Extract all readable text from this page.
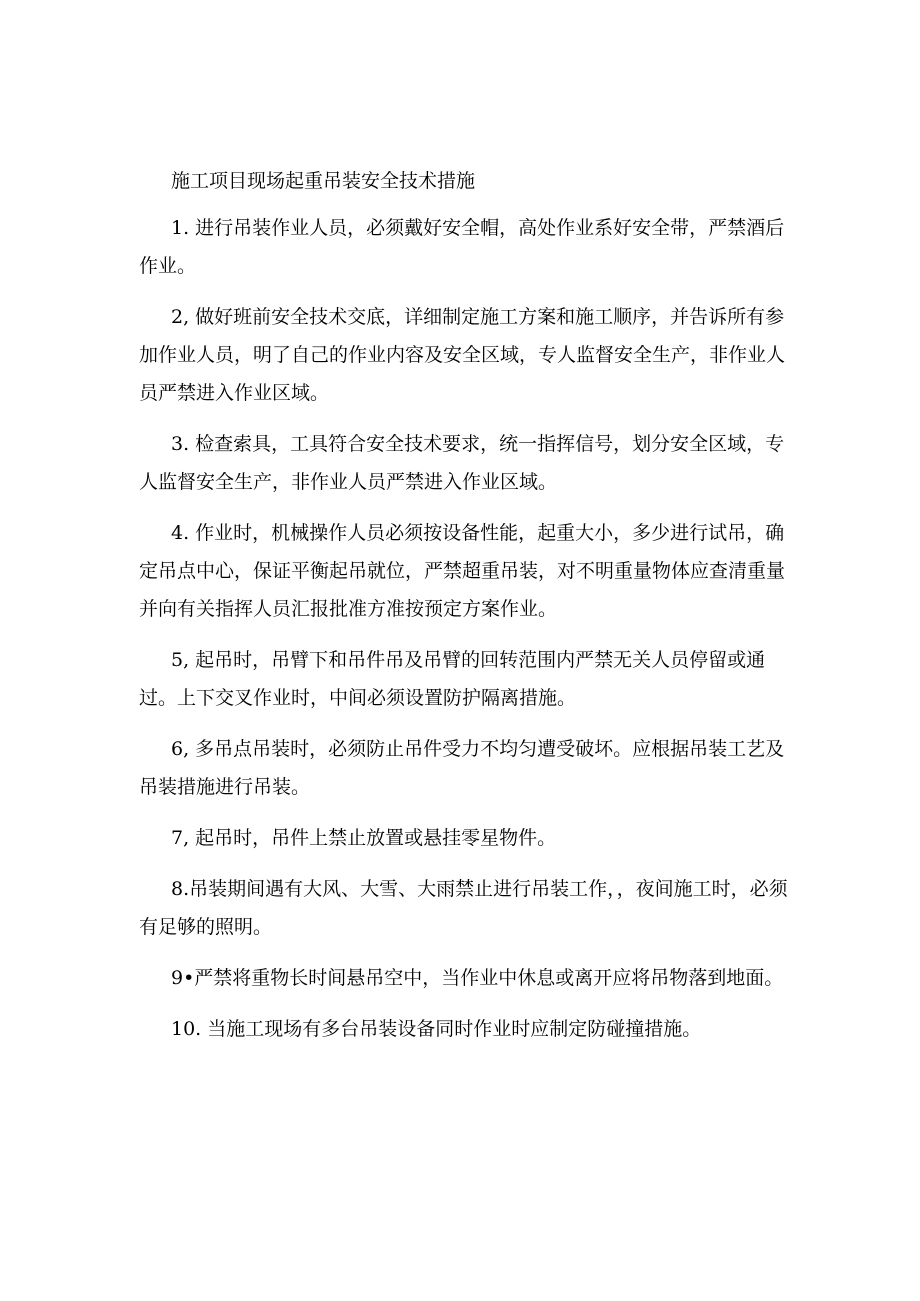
施工项目现场起重吊装安全技术措施

1. 进行吊装作业人员，必须戴好安全帽，高处作业系好安全带，严禁酒后作业。

2, 做好班前安全技术交底，详细制定施工方案和施工顺序，并告诉所有参加作业人员，明了自己的作业内容及安全区域，专人监督安全生产，非作业人员严禁进入作业区域。

3. 检查索具，工具符合安全技术要求，统一指挥信号，划分安全区域，专人监督安全生产，非作业人员严禁进入作业区域。

4. 作业时，机械操作人员必须按设备性能，起重大小，多少进行试吊，确定吊点中心，保证平衡起吊就位，严禁超重吊装，对不明重量物体应查清重量并向有关指挥人员汇报批准方准按预定方案作业。

5, 起吊时，吊臂下和吊件吊及吊臂的回转范围内严禁无关人员停留或通过。上下交叉作业时，中间必须设置防护隔离措施。

6, 多吊点吊装时，必须防止吊件受力不均匀遭受破坏。应根据吊装工艺及吊装措施进行吊装。

7, 起吊时，吊件上禁止放置或悬挂零星物件。

8.吊装期间遇有大风、大雪、大雨禁止进行吊装工作，，夜间施工时，必须有足够的照明。

9•严禁将重物长时间悬吊空中，当作业中休息或离开应将吊物落到地面。

10. 当施工现场有多台吊装设备同时作业时应制定防碰撞措施。
